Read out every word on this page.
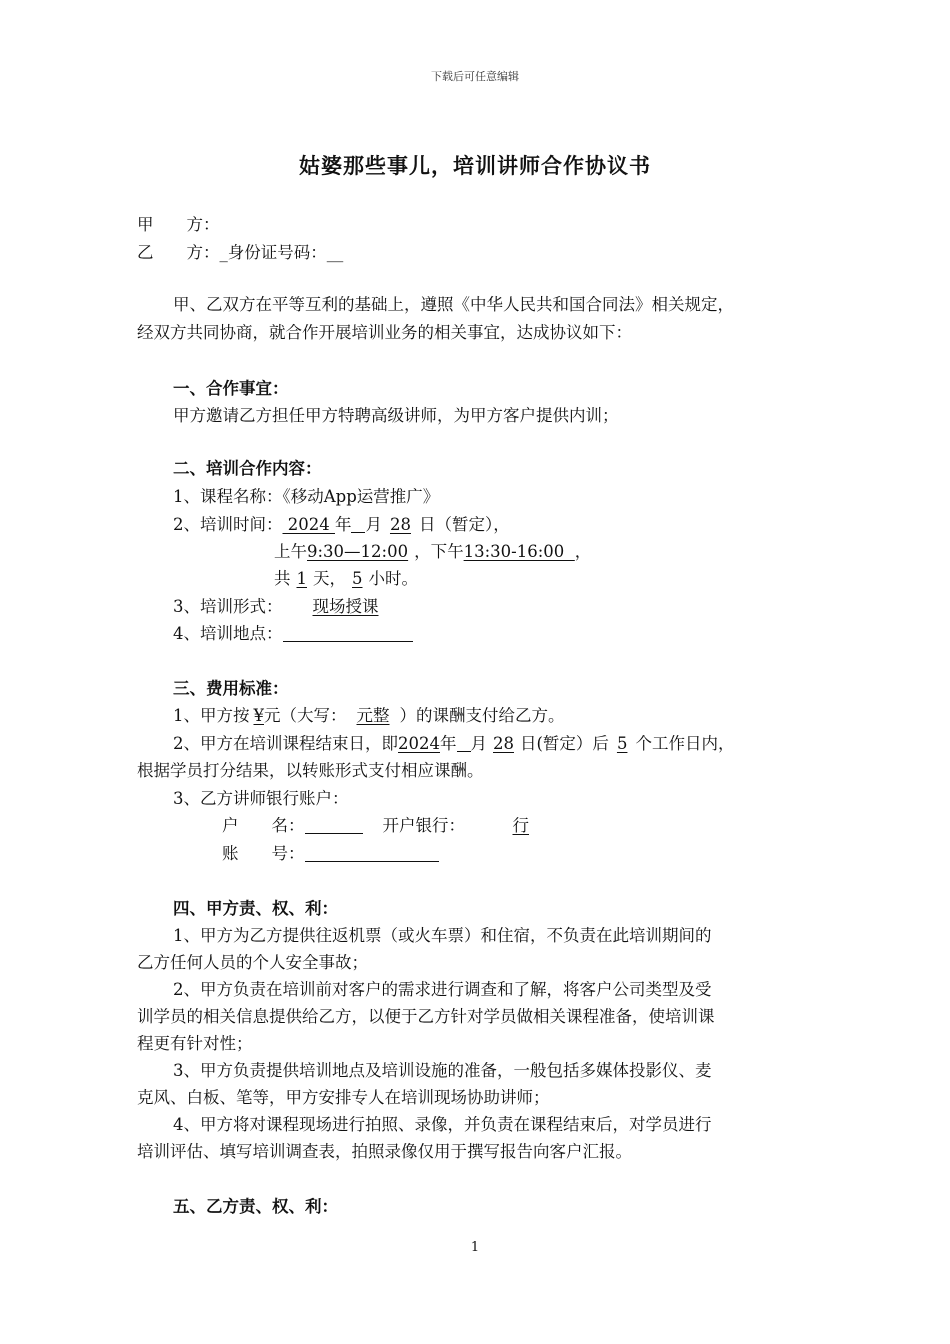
下载后可任意编辑
姑婆那些事儿，培训讲师合作协议书
甲　　方：
乙　　方：_身份证号码：__
甲、乙双方在平等互利的基础上，遵照《中华人民共和国合同法》相关规定，
经双方共同协商，就合作开展培训业务的相关事宜，达成协议如下：
一、合作事宜：
甲方邀请乙方担任甲方特聘高级讲师，为甲方客户提供内训；
二、培训合作内容：
1、课程名称：《移动App运营推广》
2、培训时间： 2024 年 月 28 日（暂定），
上午9:30—12:00 ，下午13:30-16:00  ，
共 1 天， 5 小时。
3、培训形式： 现场授课
4、培训地点：
三、费用标准：
1、甲方按 ¥元（大写： 元整 ）的课酬支付给乙方。
2、甲方在培训课程结束日，即2024年 月 28 日(暂定）后 5 个工作日内，
根据学员打分结果，以转账形式支付相应课酬。
3、乙方讲师银行账户：
户　　名：	开户银行：	行
账　　号：
四、甲方责、权、利：
1、甲方为乙方提供往返机票（或火车票）和住宿，不负责在此培训期间的
乙方任何人员的个人安全事故；
2、甲方负责在培训前对客户的需求进行调查和了解，将客户公司类型及受
训学员的相关信息提供给乙方，以便于乙方针对学员做相关课程准备，使培训课
程更有针对性；
3、甲方负责提供培训地点及培训设施的准备，一般包括多媒体投影仪、麦
克风、白板、笔等，甲方安排专人在培训现场协助讲师；
4、甲方将对课程现场进行拍照、录像，并负责在课程结束后，对学员进行
培训评估、填写培训调查表，拍照录像仅用于撰写报告向客户汇报。
五、乙方责、权、利：
1
